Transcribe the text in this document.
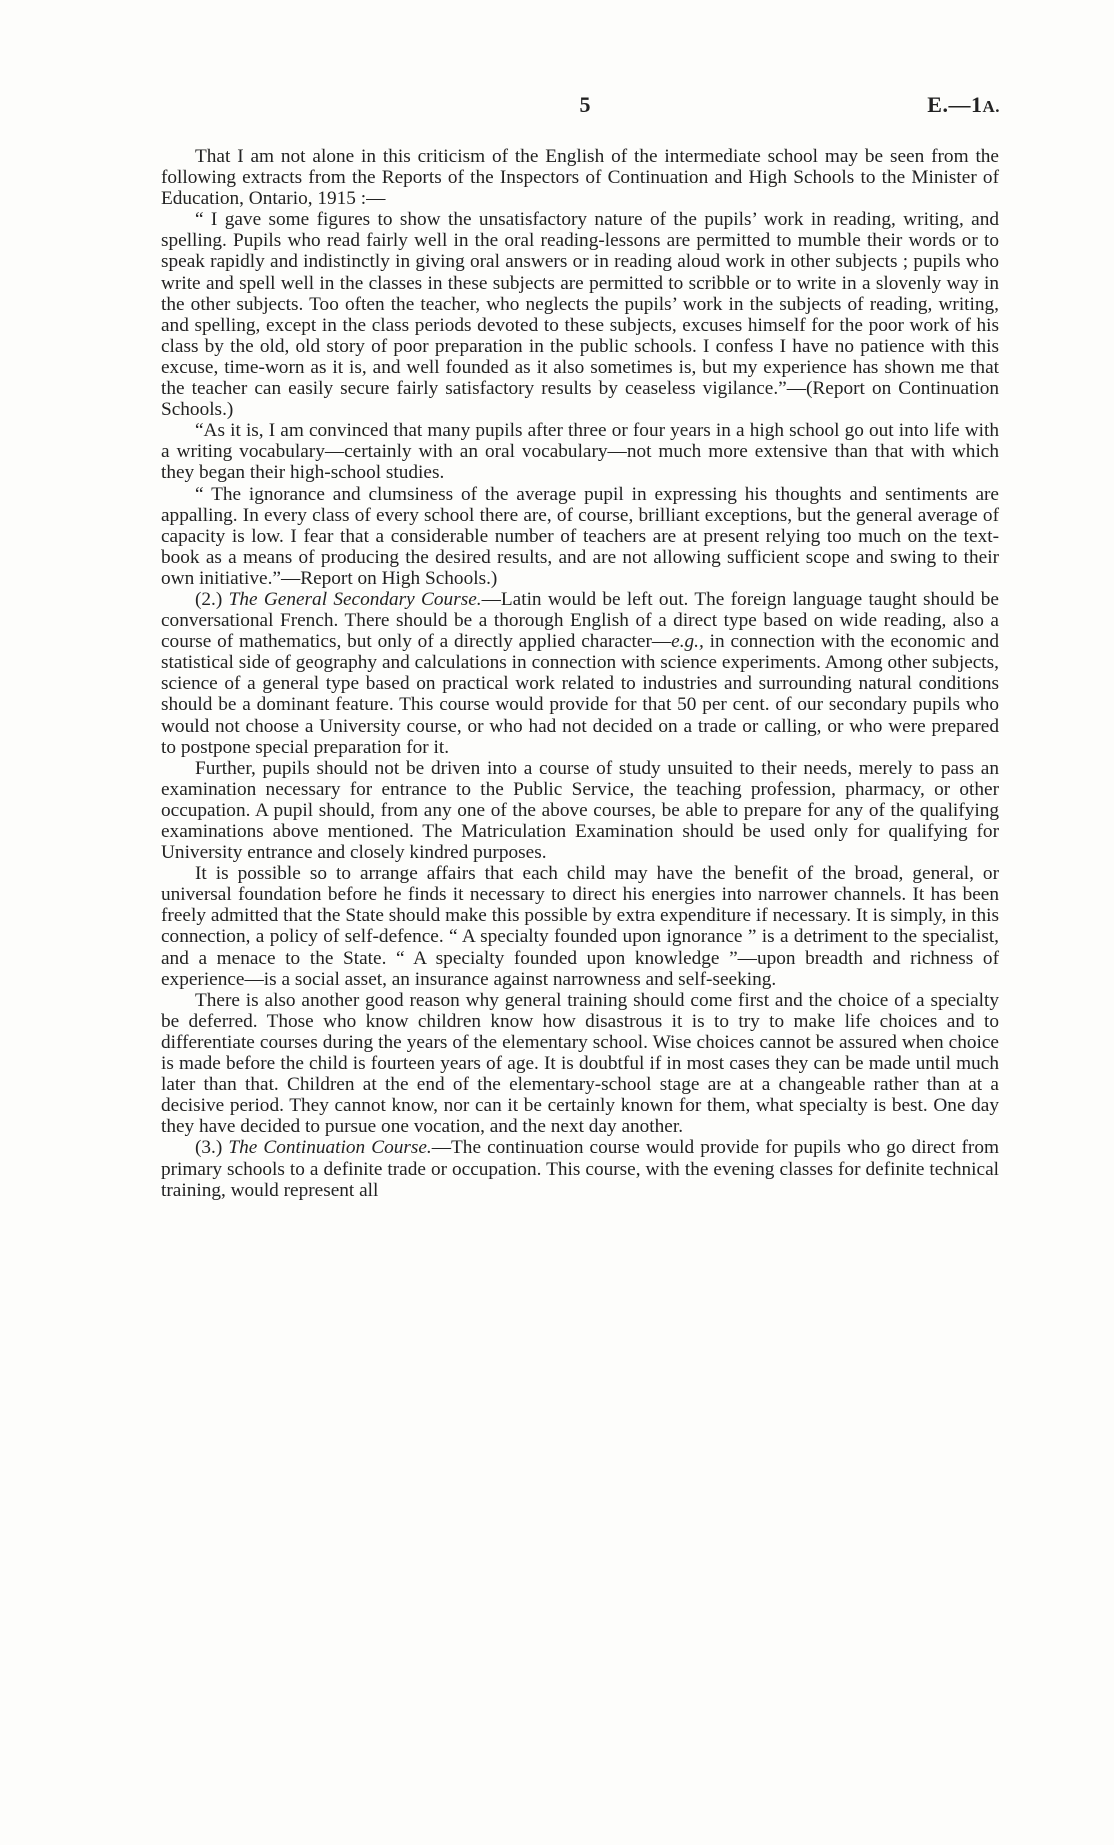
5	E.—1A.

That I am not alone in this criticism of the English of the intermediate school may be seen from the following extracts from the Reports of the Inspectors of Continuation and High Schools to the Minister of Education, Ontario, 1915 :—

“ I gave some figures to show the unsatisfactory nature of the pupils’ work in reading, writing, and spelling. Pupils who read fairly well in the oral reading-lessons are permitted to mumble their words or to speak rapidly and indistinctly in giving oral answers or in reading aloud work in other subjects ; pupils who write and spell well in the classes in these subjects are permitted to scribble or to write in a slovenly way in the other subjects. Too often the teacher, who neglects the pupils’ work in the subjects of reading, writing, and spelling, except in the class periods devoted to these subjects, excuses himself for the poor work of his class by the old, old story of poor preparation in the public schools. I confess I have no patience with this excuse, time-worn as it is, and well founded as it also sometimes is, but my experience has shown me that the teacher can easily secure fairly satisfactory results by ceaseless vigilance.”—(Report on Continuation Schools.)

“As it is, I am convinced that many pupils after three or four years in a high school go out into life with a writing vocabulary—certainly with an oral vocabulary—not much more extensive than that with which they began their high-school studies.

“ The ignorance and clumsiness of the average pupil in expressing his thoughts and sentiments are appalling. In every class of every school there are, of course, brilliant exceptions, but the general average of capacity is low. I fear that a considerable number of teachers are at present relying too much on the text-book as a means of producing the desired results, and are not allowing sufficient scope and swing to their own initiative.”—Report on High Schools.)

(2.) The General Secondary Course.—Latin would be left out. The foreign language taught should be conversational French. There should be a thorough English of a direct type based on wide reading, also a course of mathematics, but only of a directly applied character—e.g., in connection with the economic and statistical side of geography and calculations in connection with science experiments. Among other subjects, science of a general type based on practical work related to industries and surrounding natural conditions should be a dominant feature. This course would provide for that 50 per cent. of our secondary pupils who would not choose a University course, or who had not decided on a trade or calling, or who were prepared to postpone special preparation for it.

Further, pupils should not be driven into a course of study unsuited to their needs, merely to pass an examination necessary for entrance to the Public Service, the teaching profession, pharmacy, or other occupation. A pupil should, from any one of the above courses, be able to prepare for any of the qualifying examinations above mentioned. The Matriculation Examination should be used only for qualifying for University entrance and closely kindred purposes.

It is possible so to arrange affairs that each child may have the benefit of the broad, general, or universal foundation before he finds it necessary to direct his energies into narrower channels. It has been freely admitted that the State should make this possible by extra expenditure if necessary. It is simply, in this connection, a policy of self-defence. “ A specialty founded upon ignorance ” is a detriment to the specialist, and a menace to the State. “ A specialty founded upon knowledge ”—upon breadth and richness of experience—is a social asset, an insurance against narrowness and self-seeking.

There is also another good reason why general training should come first and the choice of a specialty be deferred. Those who know children know how disastrous it is to try to make life choices and to differentiate courses during the years of the elementary school. Wise choices cannot be assured when choice is made before the child is fourteen years of age. It is doubtful if in most cases they can be made until much later than that. Children at the end of the elementary-school stage are at a changeable rather than at a decisive period. They cannot know, nor can it be certainly known for them, what specialty is best. One day they have decided to pursue one vocation, and the next day another.

(3.) The Continuation Course.—The continuation course would provide for pupils who go direct from primary schools to a definite trade or occupation. This course, with the evening classes for definite technical training, would represent all
